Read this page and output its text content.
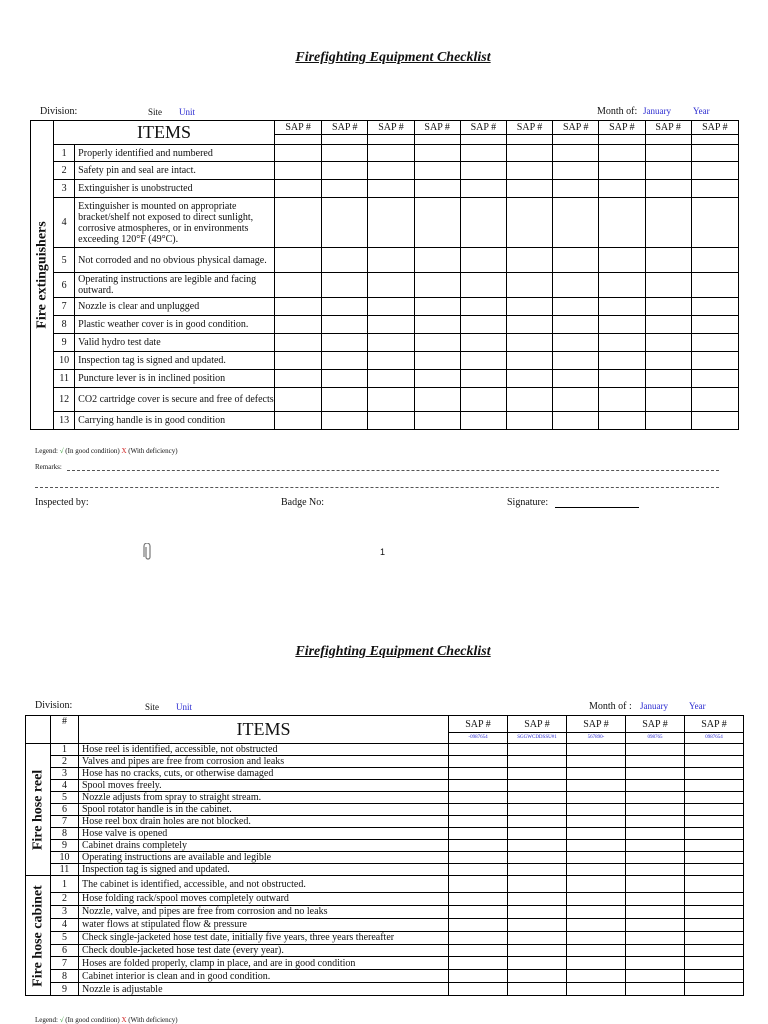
Firefighting Equipment Checklist
Division:	Site Unit	Month of: January Year
Fire extinguishers	ITEMS		SAP #	SAP #	SAP #	SAP #	SAP #	SAP #	SAP #	SAP #	SAP #	SAP #

	1	Properly identified and numbered										
	2	Safety pin and seal are intact.										
	3	Extinguisher is unobstructed										
	4	Extinguisher is mounted on appropriate bracket/shelf not exposed to direct sunlight, corrosive atmospheres, or in environments exceeding 120°F (49°C).										
	5	Not corroded and no obvious physical damage.										
	6	Operating instructions are legible and facing outward.										
	7	Nozzle is clear and unplugged										
	8	Plastic weather cover is in good condition.										
	9	Valid hydro test date										
	10	Inspection tag is signed and updated.										
	11	Puncture lever is in inclined position										
	12	CO2 cartridge cover is secure and free of defects										
	13	Carrying handle is in good condition										
Legend: √ (In good condition) X (With deficiency)
Remarks:
Inspected by:	Badge No:	Signature:
1
Firefighting Equipment Checklist
Division:	Site Unit	Month of : January Year
	#	ITEMS	SAP #	SAP #	SAP #	SAP #	SAP #
			-0987654	SGGWCDDSSU#1	567890-	098765	0987654

Fire hose reel	1	Hose reel is identified, accessible, not obstructed					
	2	Valves and pipes are free from corrosion and leaks					
	3	Hose has no cracks, cuts, or otherwise damaged					
	4	Spool moves freely.					
	5	Nozzle adjusts from spray to straight stream.					
	6	Spool rotator handle is in the cabinet.					
	7	Hose reel box drain holes are not blocked.					
	8	Hose valve is opened					
	9	Cabinet drains completely					
	10	Operating instructions are available and legible					
	11	Inspection tag is signed and updated.					

Fire hose cabinet	1	The cabinet is identified, accessible, and not obstructed.					
	2	Hose folding rack/spool moves completely outward					
	3	Nozzle, valve, and pipes are free from corrosion and no leaks					
	4	water flows at stipulated flow & pressure					
	5	Check single-jacketed hose test date, initially five years, three years thereafter					
	6	Check double-jacketed hose test date (every year).					
	7	Hoses are folded properly, clamp in place, and are in good condition					
	8	Cabinet interior is clean and in good condition.					
	9	Nozzle is adjustable					
Legend: √ (In good condition) X (With deficiency)
